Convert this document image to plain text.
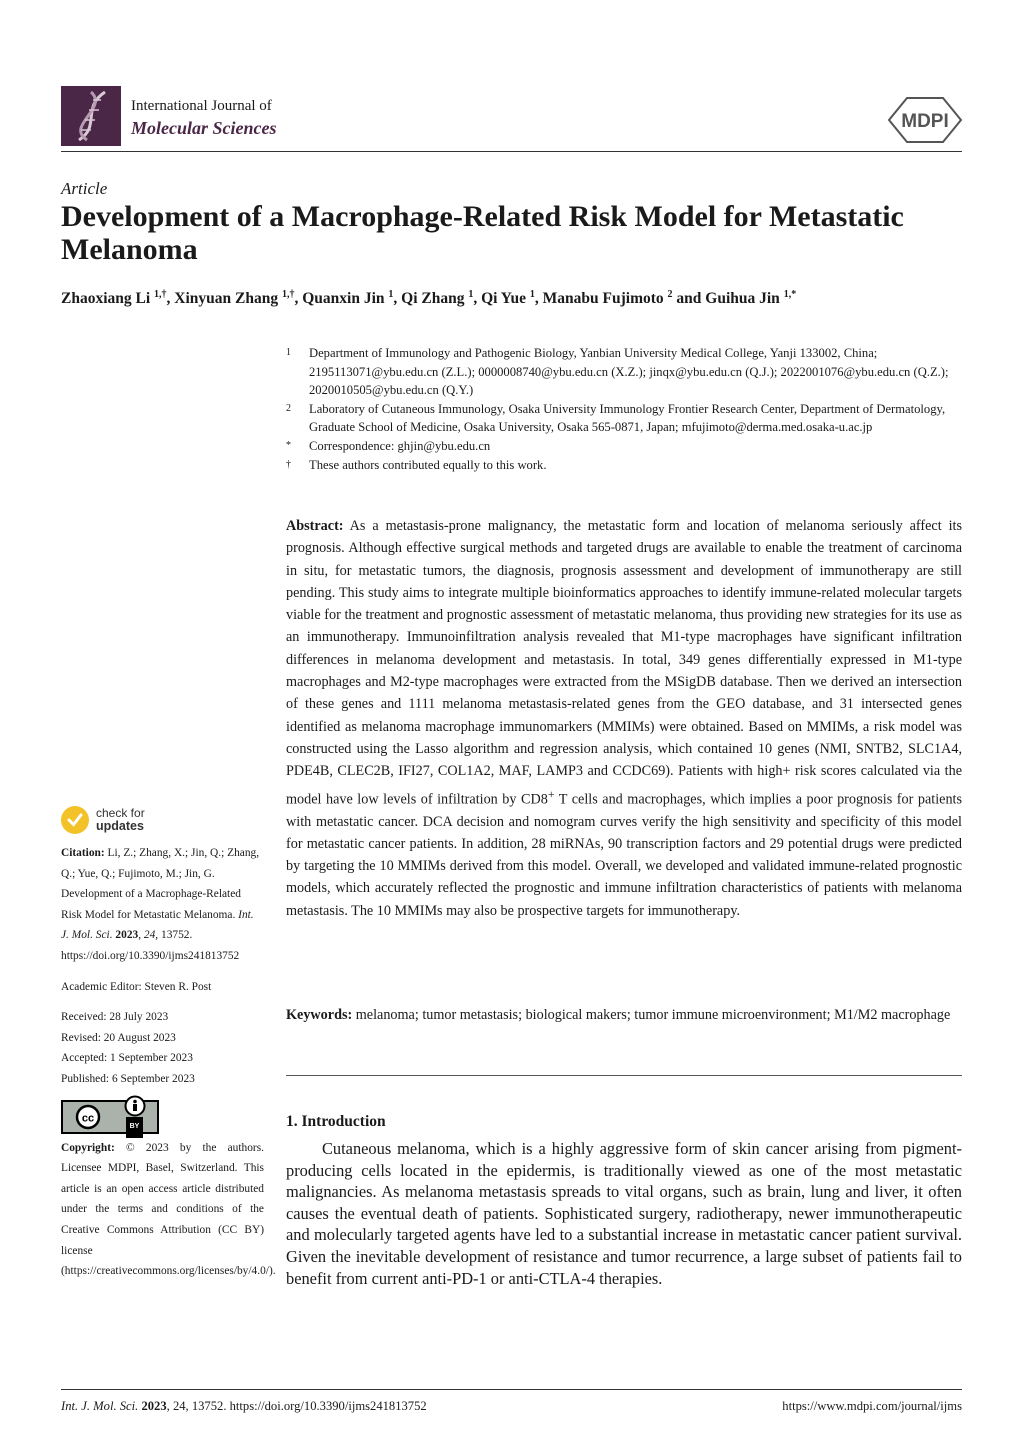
International Journal of
Molecular Sciences	MDPI
Article
Development of a Macrophage-Related Risk Model for Metastatic Melanoma
Zhaoxiang Li $^{1,\dagger}$, Xinyuan Zhang $^{1,\dagger}$, Quanxin Jin $^1$, Qi Zhang $^1$, Qi Yue $^1$, Manabu Fujimoto $^2$ and Guihua Jin $^{1,*}$
1	Department of Immunology and Pathogenic Biology, Yanbian University Medical College, Yanji 133002, China; 2195113071@ybu.edu.cn (Z.L.); 0000008740@ybu.edu.cn (X.Z.); jinqx@ybu.edu.cn (Q.J.); 2022001076@ybu.edu.cn (Q.Z.); 2020010505@ybu.edu.cn (Q.Y.)
2	Laboratory of Cutaneous Immunology, Osaka University Immunology Frontier Research Center, Department of Dermatology, Graduate School of Medicine, Osaka University, Osaka 565-0871, Japan; mfujimoto@derma.med.osaka-u.ac.jp
*	Correspondence: ghjin@ybu.edu.cn
†	These authors contributed equally to this work.
Abstract: As a metastasis-prone malignancy, the metastatic form and location of melanoma seriously affect its prognosis. Although effective surgical methods and targeted drugs are available to enable the treatment of carcinoma in situ, for metastatic tumors, the diagnosis, prognosis assessment and development of immunotherapy are still pending. This study aims to integrate multiple bioinformatics approaches to identify immune-related molecular targets viable for the treatment and prognostic assessment of metastatic melanoma, thus providing new strategies for its use as an immunotherapy. Immunoinfiltration analysis revealed that M1-type macrophages have significant infiltration differences in melanoma development and metastasis. In total, 349 genes differentially expressed in M1-type macrophages and M2-type macrophages were extracted from the MSigDB database. Then we derived an intersection of these genes and 1111 melanoma metastasis-related genes from the GEO database, and 31 intersected genes identified as melanoma macrophage immunomarkers (MMIMs) were obtained. Based on MMIMs, a risk model was constructed using the Lasso algorithm and regression analysis, which contained 10 genes (NMI, SNTB2, SLC1A4, PDE4B, CLEC2B, IFI27, COL1A2, MAF, LAMP3 and CCDC69). Patients with high+ risk scores calculated via the model have low levels of infiltration by CD8+ T cells and macrophages, which implies a poor prognosis for patients with metastatic cancer. DCA decision and nomogram curves verify the high sensitivity and specificity of this model for metastatic cancer patients. In addition, 28 miRNAs, 90 transcription factors and 29 potential drugs were predicted by targeting the 10 MMIMs derived from this model. Overall, we developed and validated immune-related prognostic models, which accurately reflected the prognostic and immune infiltration characteristics of patients with melanoma metastasis. The 10 MMIMs may also be prospective targets for immunotherapy.
Keywords: melanoma; tumor metastasis; biological makers; tumor immune microenvironment; M1/M2 macrophage
1. Introduction
Cutaneous melanoma, which is a highly aggressive form of skin cancer arising from pigment-producing cells located in the epidermis, is traditionally viewed as one of the most metastatic malignancies. As melanoma metastasis spreads to vital organs, such as brain, lung and liver, it often causes the eventual death of patients. Sophisticated surgery, radiotherapy, newer immunotherapeutic and molecularly targeted agents have led to a substantial increase in metastatic cancer patient survival. Given the inevitable development of resistance and tumor recurrence, a large subset of patients fail to benefit from current anti-PD-1 or anti-CTLA-4 therapies.
check for
updates

Citation: Li, Z.; Zhang, X.; Jin, Q.; Zhang, Q.; Yue, Q.; Fujimoto, M.; Jin, G. Development of a Macrophage-Related Risk Model for Metastatic Melanoma. Int. J. Mol. Sci. 2023, 24, 13752. https://doi.org/10.3390/ijms241813752

Academic Editor: Steven R. Post

Received: 28 July 2023

Revised: 20 August 2023

Accepted: 1 September 2023

Published: 6 September 2023

cc
BY

Copyright: © 2023 by the authors. Licensee MDPI, Basel, Switzerland. This article is an open access article distributed under the terms and conditions of the Creative Commons Attribution (CC BY) license (https://creativecommons.org/licenses/by/4.0/).

Int. J. Mol. Sci. 2023, 24, 13752. https://doi.org/10.3390/ijms241813752	https://www.mdpi.com/journal/ijms
